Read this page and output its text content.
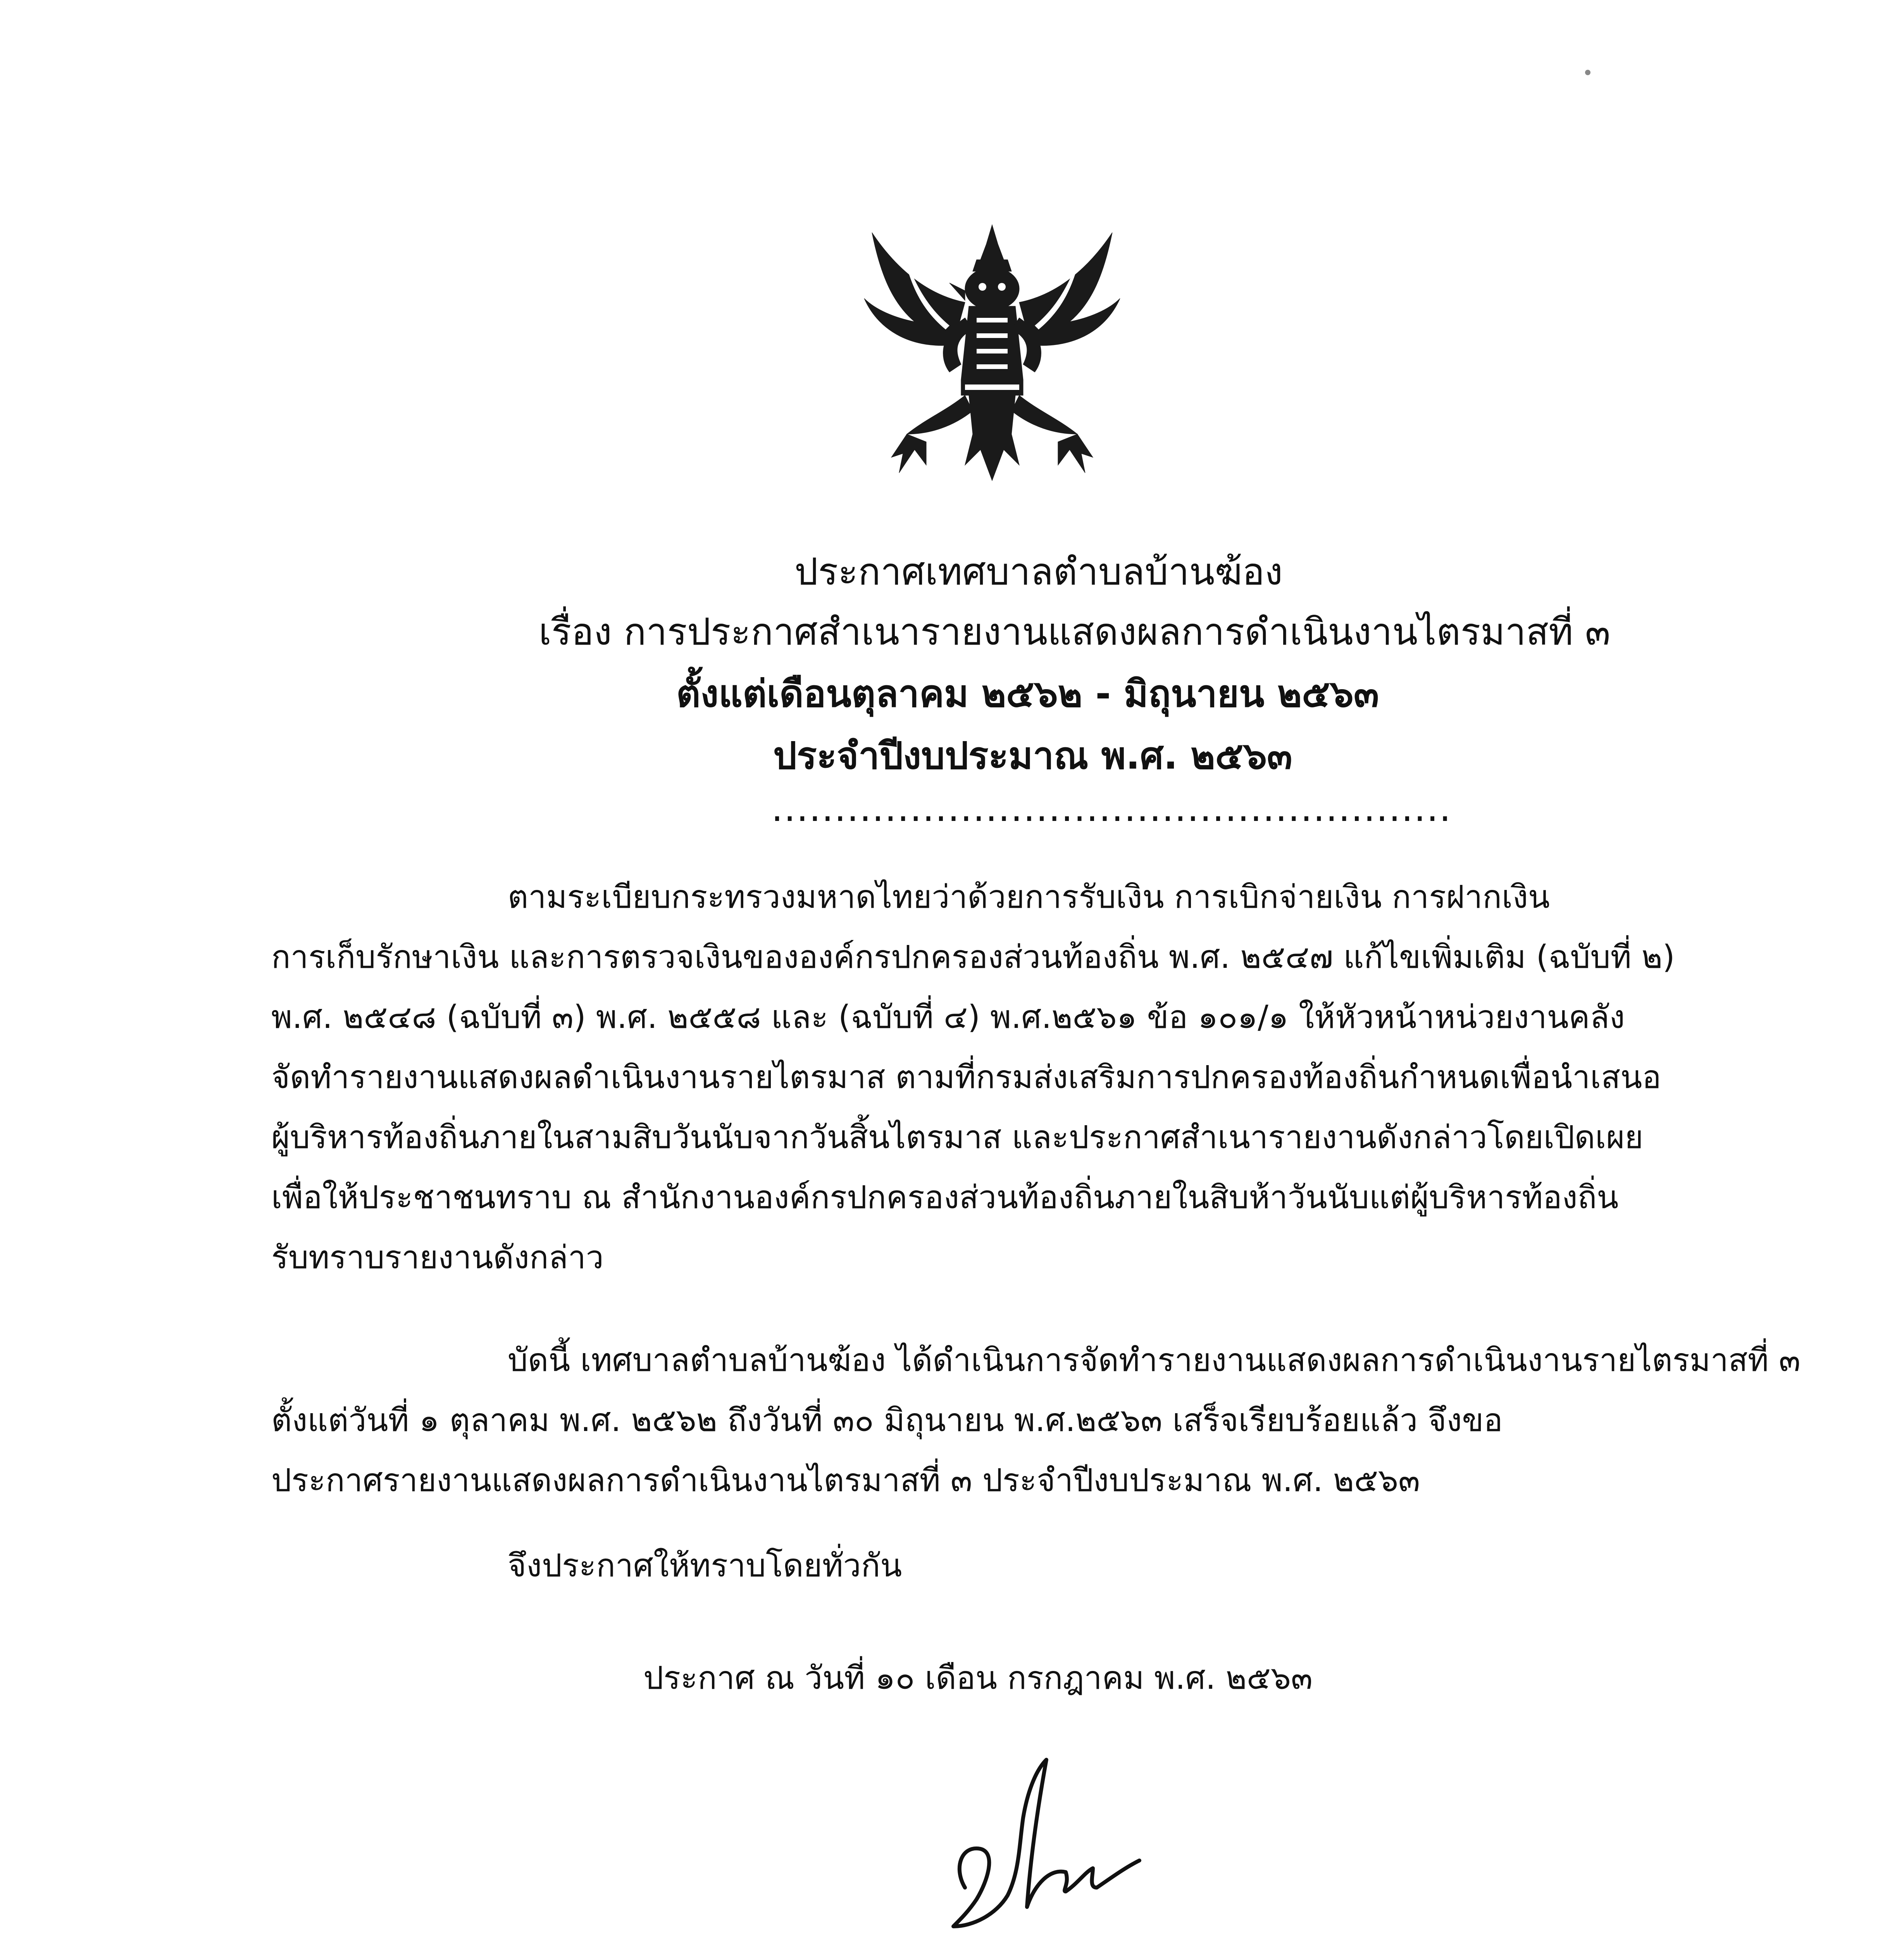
ประกาศเทศบาลตำบลบ้านฆ้อง
เรื่อง การประกาศสำเนารายงานแสดงผลการดำเนินงานไตรมาสที่ ๓
ตั้งแต่เดือนตุลาคม ๒๕๖๒ - มิถุนายน ๒๕๖๓
ประจำปีงบประมาณ พ.ศ. ๒๕๖๓
......................................................
ตามระเบียบกระทรวงมหาดไทยว่าด้วยการรับเงิน การเบิกจ่ายเงิน การฝากเงิน
การเก็บรักษาเงิน และการตรวจเงินขององค์กรปกครองส่วนท้องถิ่น พ.ศ. ๒๕๔๗ แก้ไขเพิ่มเติม (ฉบับที่ ๒)
พ.ศ. ๒๕๔๘ (ฉบับที่ ๓) พ.ศ. ๒๕๕๘ และ (ฉบับที่ ๔) พ.ศ.๒๕๖๑ ข้อ ๑๐๑/๑ ให้หัวหน้าหน่วยงานคลัง
จัดทำรายงานแสดงผลดำเนินงานรายไตรมาส ตามที่กรมส่งเสริมการปกครองท้องถิ่นกำหนดเพื่อนำเสนอ
ผู้บริหารท้องถิ่นภายในสามสิบวันนับจากวันสิ้นไตรมาส และประกาศสำเนารายงานดังกล่าวโดยเปิดเผย
เพื่อให้ประชาชนทราบ ณ สำนักงานองค์กรปกครองส่วนท้องถิ่นภายในสิบห้าวันนับแต่ผู้บริหารท้องถิ่น
รับทราบรายงานดังกล่าว
บัดนี้ เทศบาลตำบลบ้านฆ้อง ได้ดำเนินการจัดทำรายงานแสดงผลการดำเนินงานรายไตรมาสที่ ๓
ตั้งแต่วันที่ ๑ ตุลาคม พ.ศ. ๒๕๖๒ ถึงวันที่ ๓๐ มิถุนายน พ.ศ.๒๕๖๓ เสร็จเรียบร้อยแล้ว จึงขอ
ประกาศรายงานแสดงผลการดำเนินงานไตรมาสที่ ๓ ประจำปีงบประมาณ พ.ศ. ๒๕๖๓
จึงประกาศให้ทราบโดยทั่วกัน
ประกาศ ณ วันที่ ๑๐ เดือน กรกฎาคม พ.ศ. ๒๕๖๓
